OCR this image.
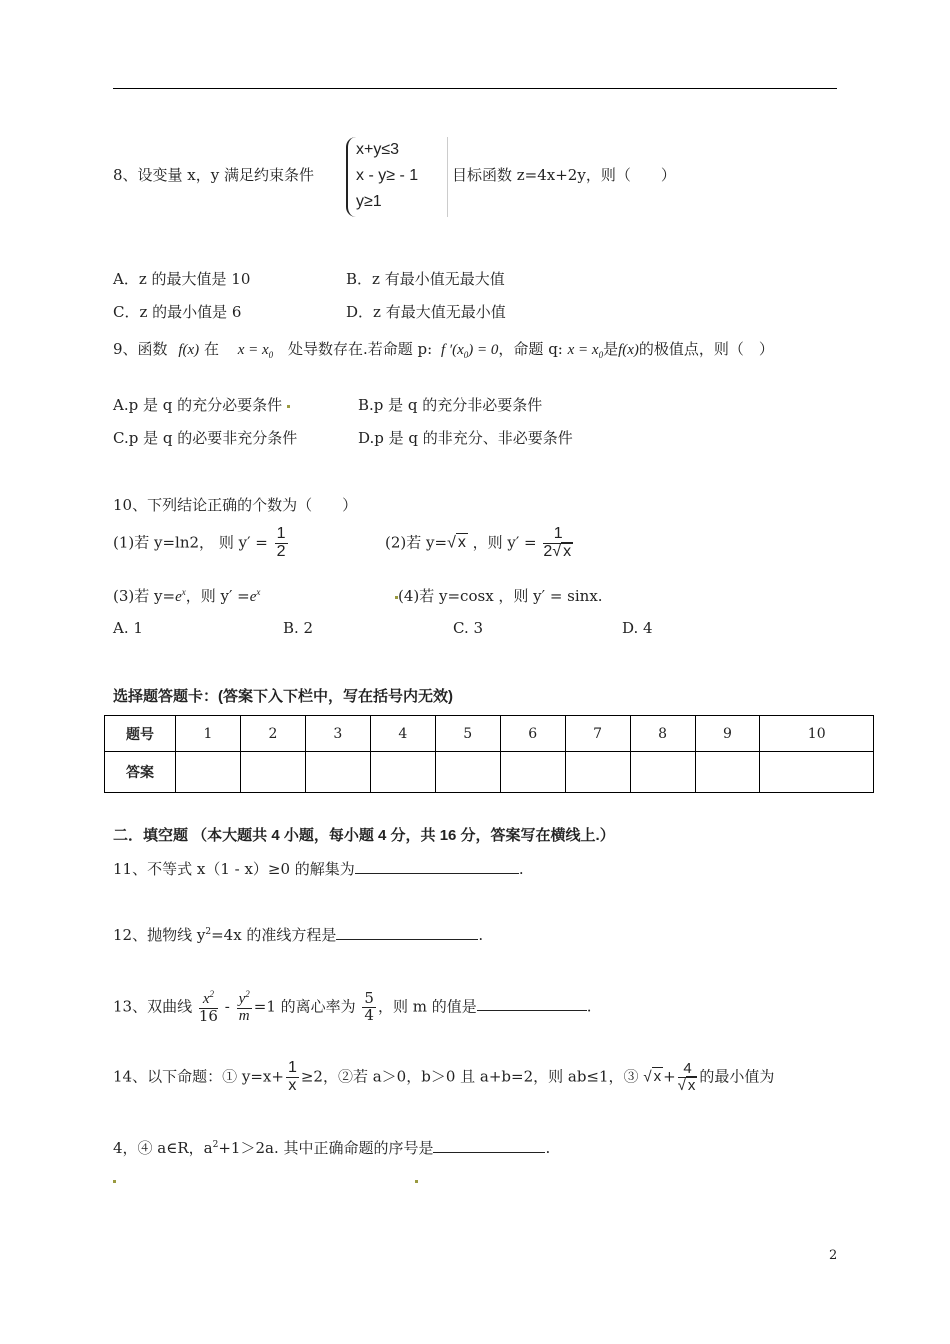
8、设变量 x，y 满足约束条件
x+y≤3
x - y≥ - 1
y≥1
目标函数 z=4x+2y，则（　　）
A．z 的最大值是 10	B．z 有最小值无最大值
C．z 的最小值是 6	D．z 有最大值无最小值
9、函数 f(x) 在 $x = x_0$ 处导数存在.若命题 p: f $'(x_0) = 0$，命题 q: $x = x_0$是f(x)的极值点，则（　）
A.p 是 q 的充分必要条件	B.p 是 q 的充分非必要条件
C.p 是 q 的必要非充分条件	D.p 是 q 的非充分、非必要条件
10、下列结论正确的个数为（　　）
(1)若 y=ln2， 则 $y' = \frac{1}{2}$	(2)若 y=√ x ，则 $y' = \frac{1}{2√ x}$
(3)若 $y=e^x$，则 $y' =e^x$	(4)若 y=cosx ，则 y′ = sinx.
A. 1	B. 2	C. 3	D. 4
选择题答题卡：(答案下入下栏中，写在括号内无效)
题号	1	2	3	4	5	6	7	8	9	10
答案										
二．填空题 （本大题共 4 小题，每小题 4 分，共 16 分，答案写在横线上.）
11、不等式 x（1 - x）≥0 的解集为	.
12、抛物线 $y^2=4x$ 的准线方程是	.
13、双曲线 $\frac{x^2}{16} - \frac{y^2}{m} =1$ 的离心率为 $\frac{5}{4}$ ，则 m 的值是	.
14、以下命题：① $y=x+ \frac{1}{x} \ge 2$，②若 a＞0，b＞0 且 a+b=2，则 ab≤1，③ √ $x + \frac{4}{√ x}$ 的最小值为
4，④ a∈R，$a^2+1>2a$. 其中正确命题的序号是	.
2
